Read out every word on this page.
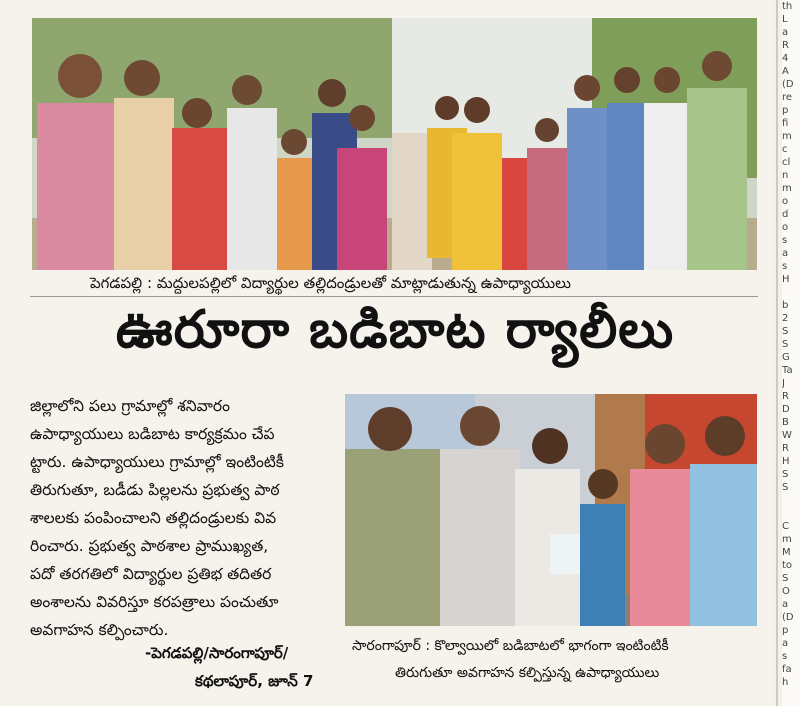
పెగడపల్లి : మద్దులపల్లిలో విద్యార్థుల తల్లిదండ్రులతో మాట్లాడుతున్న ఉపాధ్యాయులు
ఊరూరా బడిబాట ర్యాలీలు

జిల్లాలోని పలు గ్రామాల్లో శనివారం

ఉపాధ్యాయులు బడిబాట కార్యక్రమం చేప

ట్టారు. ఉపాధ్యాయులు గ్రామాల్లో ఇంటింటికీ

తిరుగుతూ, బడీడు పిల్లలను ప్రభుత్వ పాఠ

శాలలకు పంపించాలని తల్లిదండ్రులకు వివ

రించారు. ప్రభుత్వ పాఠశాల ప్రాముఖ్యత,

పదో తరగతిలో విద్యార్థుల ప్రతిభ తదితర

అంశాలను వివరిస్తూ కరపత్రాలు పంచుతూ

అవగాహన కల్పించారు.

-పెగడపల్లి/సారంగాపూర్/
కథలాపూర్, జూన్ 7
సారంగాపూర్ : కొల్వాయిలో బడిబాటలో భాగంగా ఇంటింటికీ
తిరుగుతూ అవగాహన కల్పిస్తున్న ఉపాధ్యాయులు
th
L
a
R
4
A
(D
re
p
fi
m
c
cl
n
m
o
d
o
s
a
s
H

b
2
S
S
G
Ta
J
R
D
B
W
R
H
S
S

C
m
M
to
S
O
a
(D
p
a
s
fa
h
